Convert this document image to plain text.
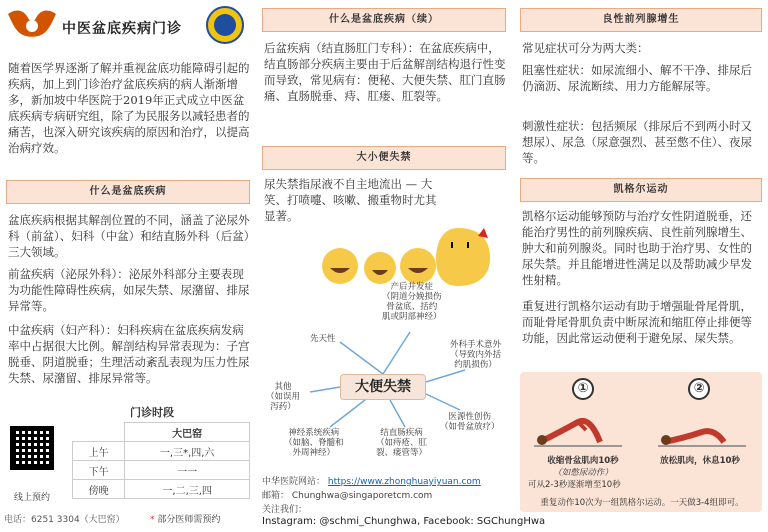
中医盆底疾病门诊
随着医学界逐渐了解并重视盆底功能障碍引起的疾病，加上到门诊治疗盆底疾病的病人渐渐增多，新加坡中华医院于2019年正式成立中医盆底疾病专病研究组，除了为民服务以减轻患者的痛苦，也深入研究该疾病的原因和治疗，以提高治病疗效。
什么是盆底疾病
盆底疾病根据其解剖位置的不同，涵盖了泌尿外科（前盆）、妇科（中盆）和结直肠外科（后盆）三大领域。
前盆疾病（泌尿外科）：泌尿外科部分主要表现为功能性障碍性疾病，如尿失禁、尿潴留、排尿异常等。
中盆疾病（妇产科）：妇科疾病在盆底疾病发病率中占据很大比例。解剖结构异常表现为：子宫脱垂、阴道脱垂；生理活动紊乱表现为压力性尿失禁、尿潴留、排尿异常等。
门诊时段
	大巴窑
上午	一,三*,四,六
下午	一一
傍晚	一,二,三,四
线上预约
电话：6251 3304（大巴窑）	* 部分医师需预约
什么是盆底疾病（续）
后盆疾病（结直肠肛门专科）：在盆底疾病中，结直肠部分疾病主要由于后盆解剖结构退行性变而导致，常见病有：便秘、大便失禁、肛门直肠痛、直肠脱垂、痔、肛瘘、肛裂等。
大小便失禁
尿失禁指尿液不自主地流出 — 大笑、打喷嚏、咳嗽、搬重物时尤其显著。
大便失禁
先天性
产后并发症
（阴道分娩损伤
骨盆底、括约
肌或阴部神经）
外科手术意外
（导致内外括
约肌损伤）
其他
（如误用
泻药）
医源性创伤
（如骨盆放疗）
神经系统疾病
（如脑、脊髓和
外周神经）
结直肠疾病
（如痔疮、肛
裂、瘘管等）
中华医院网站： https://www.zhonghuayiyuan.com
邮箱： Chunghwa@singaporetcm.com
关注我们：
Instagram: @schmi_Chunghwa, Facebook: SGChungHwa
良性前列腺增生
常见症状可分为两大类：
阻塞性症状：如尿流细小、解不干净、排尿后仍滴沥、尿流断续、用力方能解尿等。
刺激性症状：包括频尿（排尿后不到两小时又想尿）、尿急（尿意强烈、甚至憋不住）、夜尿等。
凯格尔运动
凯格尔运动能够预防与治疗女性阴道脱垂，还能治疗男性的前列腺疾病、良性前列腺增生、肿大和前列腺炎。同时也助于治疗男、女性的尿失禁。并且能增进性满足以及帮助减少早发性射精。
重复进行凯格尔运动有助于增强耻骨尾骨肌，而耻骨尾骨肌负责中断尿流和缩肛停止排便等功能，因此常运动便利于避免尿、屎失禁。
①	②
收缩骨盆肌肉10秒
（如憋尿动作）
放松肌肉，休息10秒
可从2-3秒逐渐增至10秒
重复动作10次为一组凯格尔运动。一天做3-4组即可。
